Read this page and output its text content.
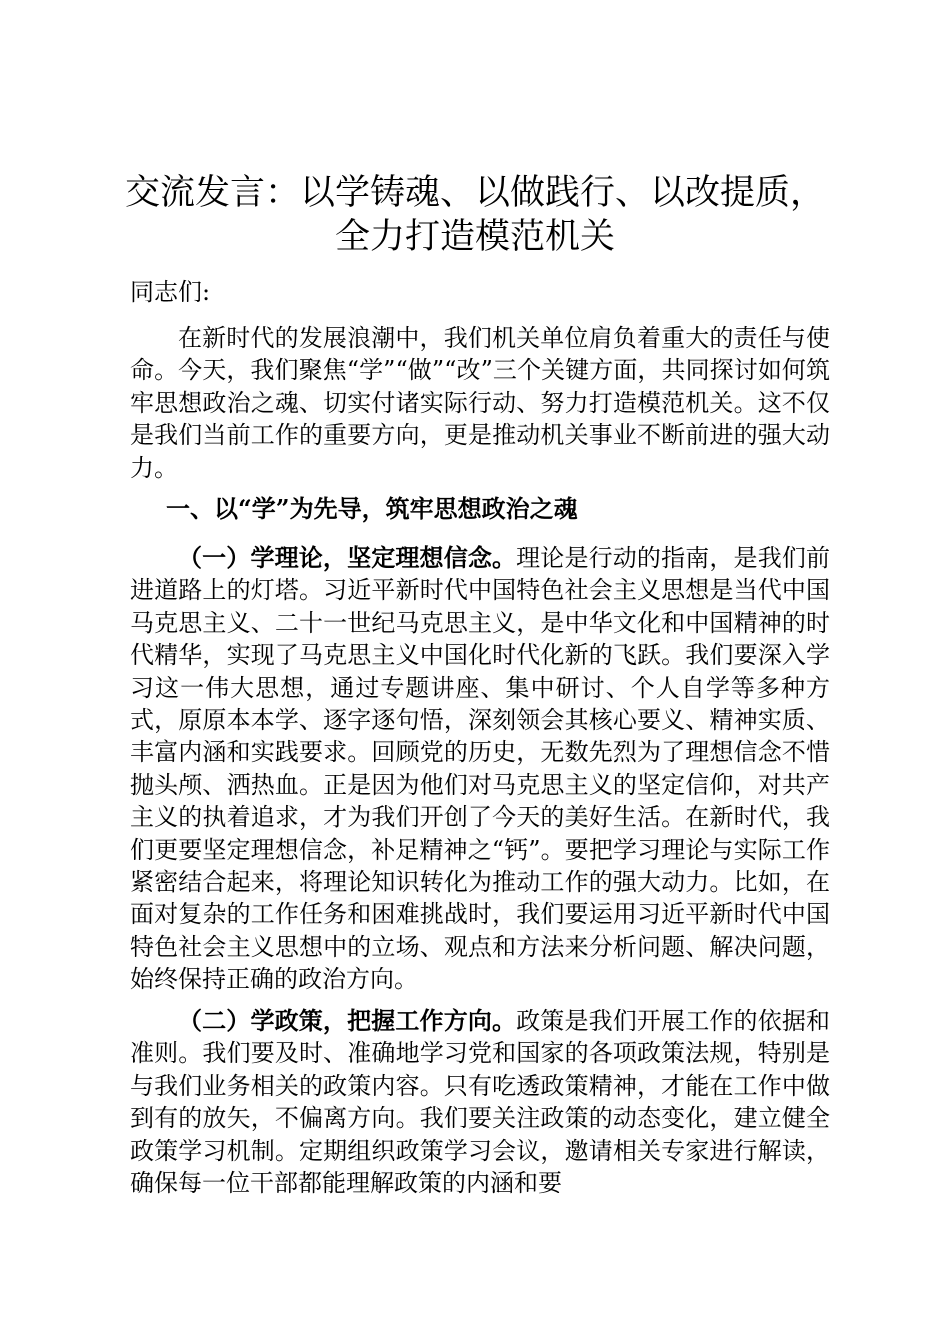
交流发言：以学铸魂、以做践行、以改提质，
全力打造模范机关
同志们:

在新时代的发展浪潮中，我们机关单位肩负着重大的责任与使命。今天，我们聚焦“学”“做”“改”三个关键方面，共同探讨如何筑牢思想政治之魂、切实付诸实际行动、努力打造模范机关。这不仅是我们当前工作的重要方向，更是推动机关事业不断前进的强大动力。

一、以“学”为先导，筑牢思想政治之魂

（一）学理论，坚定理想信念。理论是行动的指南，是我们前进道路上的灯塔。习近平新时代中国特色社会主义思想是当代中国马克思主义、二十一世纪马克思主义，是中华文化和中国精神的时代精华，实现了马克思主义中国化时代化新的飞跃。我们要深入学习这一伟大思想，通过专题讲座、集中研讨、个人自学等多种方式，原原本本学、逐字逐句悟，深刻领会其核心要义、精神实质、丰富内涵和实践要求。回顾党的历史，无数先烈为了理想信念不惜抛头颅、洒热血。正是因为他们对马克思主义的坚定信仰，对共产主义的执着追求，才为我们开创了今天的美好生活。在新时代，我们更要坚定理想信念，补足精神之“钙”。要把学习理论与实际工作紧密结合起来，将理论知识转化为推动工作的强大动力。比如，在面对复杂的工作任务和困难挑战时，我们要运用习近平新时代中国特色社会主义思想中的立场、观点和方法来分析问题、解决问题，始终保持正确的政治方向。

（二）学政策，把握工作方向。政策是我们开展工作的依据和准则。我们要及时、准确地学习党和国家的各项政策法规，特别是与我们业务相关的政策内容。只有吃透政策精神，才能在工作中做到有的放矢，不偏离方向。我们要关注政策的动态变化，建立健全政策学习机制。定期组织政策学习会议，邀请相关专家进行解读，确保每一位干部都能理解政策的内涵和要
